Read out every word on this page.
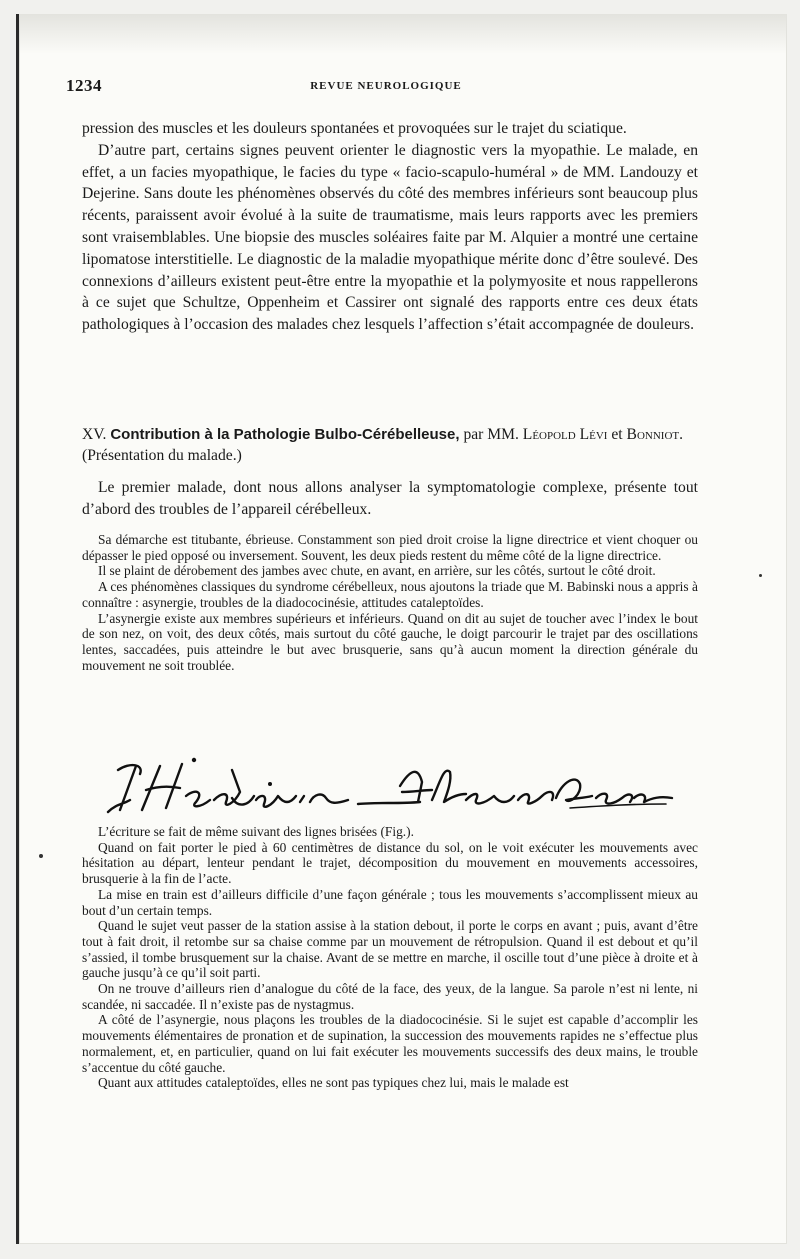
1234	REVUE NEUROLOGIQUE

pression des muscles et les douleurs spontanées et provoquées sur le trajet du sciatique.

D’autre part, certains signes peuvent orienter le diagnostic vers la myopathie. Le malade, en effet, a un facies myopathique, le facies du type « facio-scapulo-huméral » de MM. Landouzy et Dejerine. Sans doute les phénomènes observés du côté des membres inférieurs sont beaucoup plus récents, paraissent avoir évolué à la suite de traumatisme, mais leurs rapports avec les premiers sont vraisemblables. Une biopsie des muscles soléaires faite par M. Alquier a montré une certaine lipomatose interstitielle. Le diagnostic de la maladie myopathique mérite donc d’être soulevé. Des connexions d’ailleurs existent peut-être entre la myopathie et la polymyosite et nous rappellerons à ce sujet que Schultze, Oppenheim et Cassirer ont signalé des rapports entre ces deux états pathologiques à l’occasion des malades chez lesquels l’affection s’était accompagnée de douleurs.

XV. Contribution à la Pathologie Bulbo-Cérébelleuse, par MM. Léopold Lévi et Bonniot. (Présentation du malade.)

Le premier malade, dont nous allons analyser la symptomatologie complexe, présente tout d’abord des troubles de l’appareil cérébelleux.

Sa démarche est titubante, ébrieuse. Constamment son pied droit croise la ligne directrice et vient choquer ou dépasser le pied opposé ou inversement. Souvent, les deux pieds restent du même côté de la ligne directrice.

Il se plaint de dérobement des jambes avec chute, en avant, en arrière, sur les côtés, surtout le côté droit.

A ces phénomènes classiques du syndrome cérébelleux, nous ajoutons la triade que M. Babinski nous a appris à connaître : asynergie, troubles de la diadococinésie, attitudes cataleptoïdes.

L’asynergie existe aux membres supérieurs et inférieurs. Quand on dit au sujet de toucher avec l’index le bout de son nez, on voit, des deux côtés, mais surtout du côté gauche, le doigt parcourir le trajet par des oscillations lentes, saccadées, puis atteindre le but avec brusquerie, sans qu’à aucun moment la direction générale du mouvement ne soit troublée.

L’écriture se fait de même suivant des lignes brisées (Fig.).

Quand on fait porter le pied à 60 centimètres de distance du sol, on le voit exécuter les mouvements avec hésitation au départ, lenteur pendant le trajet, décomposition du mouvement en mouvements accessoires, brusquerie à la fin de l’acte.

La mise en train est d’ailleurs difficile d’une façon générale ; tous les mouvements s’accomplissent mieux au bout d’un certain temps.

Quand le sujet veut passer de la station assise à la station debout, il porte le corps en avant ; puis, avant d’être tout à fait droit, il retombe sur sa chaise comme par un mouvement de rétropulsion. Quand il est debout et qu’il s’assied, il tombe brusquement sur la chaise. Avant de se mettre en marche, il oscille tout d’une pièce à droite et à gauche jusqu’à ce qu’il soit parti.

On ne trouve d’ailleurs rien d’analogue du côté de la face, des yeux, de la langue. Sa parole n’est ni lente, ni scandée, ni saccadée. Il n’existe pas de nystagmus.

A côté de l’asynergie, nous plaçons les troubles de la diadococinésie. Si le sujet est capable d’accomplir les mouvements élémentaires de pronation et de supination, la succession des mouvements rapides ne s’effectue plus normalement, et, en particulier, quand on lui fait exécuter les mouvements successifs des deux mains, le trouble s’accentue du côté gauche.

Quant aux attitudes cataleptoïdes, elles ne sont pas typiques chez lui, mais le malade est
